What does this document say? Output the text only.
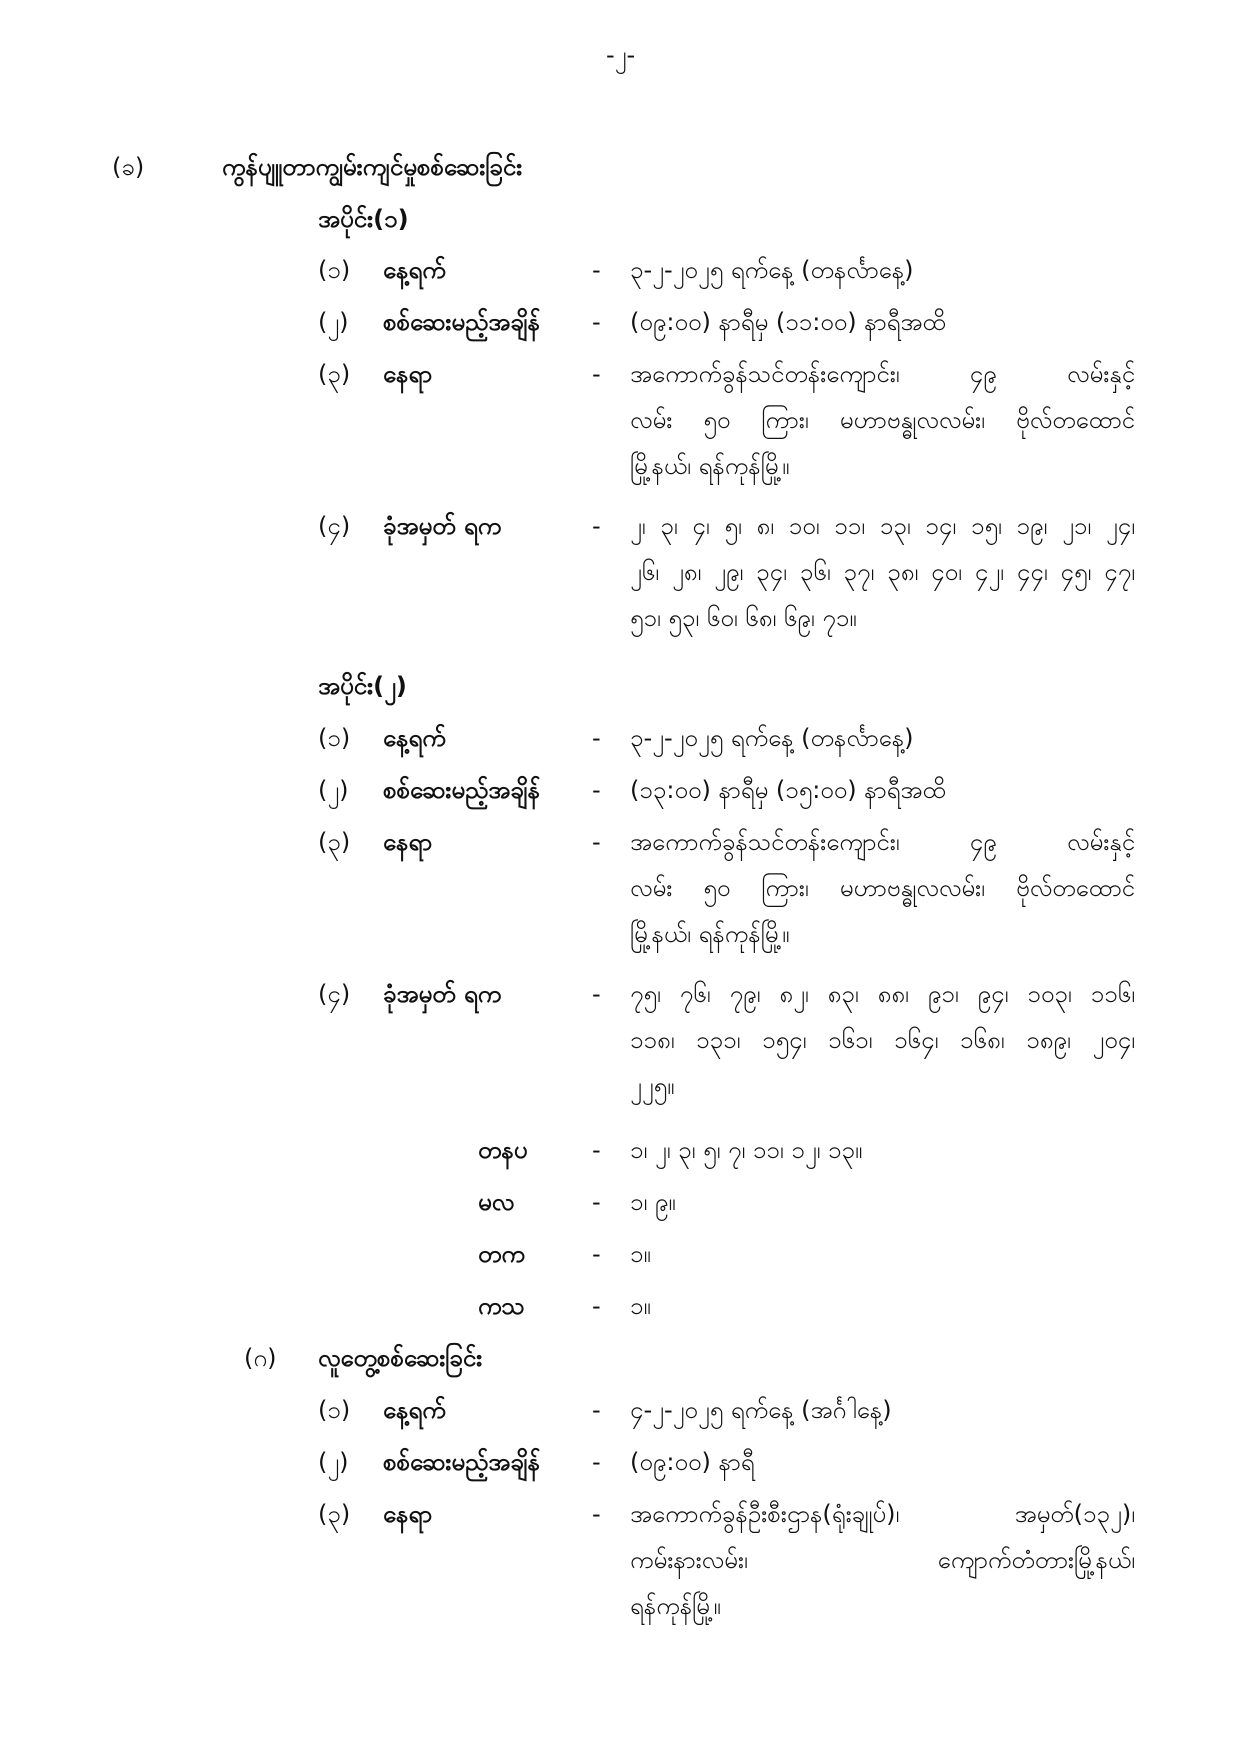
-၂-
(ခ)	ကွန်ပျူတာကျွမ်းကျင်မှုစစ်ဆေးခြင်း
အပိုင်း(၁)
(၁) နေ့ရက်	- ၃-၂-၂၀၂၅ ရက်နေ့ (တနင်္လာနေ့)
(၂) စစ်ဆေးမည့်အချိန် - (၀၉:၀၀) နာရီမှ (၁၁:၀၀) နာရီအထိ
(၃) နေရာ	- အကောက်ခွန်သင်တန်းကျောင်း၊ ၄၉ လမ်းနှင့်
လမ်း ၅၀ ကြား၊ မဟာဗန္ဓုလလမ်း၊ ဗိုလ်တထောင်
မြို့နယ်၊ ရန်ကုန်မြို့။
(၄) ခုံအမှတ် ရက	- ၂၊ ၃၊ ၄၊ ၅၊ ၈၊ ၁၀၊ ၁၁၊ ၁၃၊ ၁၄၊ ၁၅၊ ၁၉၊ ၂၁၊ ၂၄၊
၂၆၊ ၂၈၊ ၂၉၊ ၃၄၊ ၃၆၊ ၃၇၊ ၃၈၊ ၄၀၊ ၄၂၊ ၄၄၊ ၄၅၊ ၄၇၊
၅၁၊ ၅၃၊ ၆၀၊ ၆၈၊ ၆၉၊ ၇၁။
အပိုင်း(၂)
(၁) နေ့ရက်	- ၃-၂-၂၀၂၅ ရက်နေ့ (တနင်္လာနေ့)
(၂) စစ်ဆေးမည့်အချိန် - (၁၃:၀၀) နာရီမှ (၁၅:၀၀) နာရီအထိ
(၃) နေရာ	- အကောက်ခွန်သင်တန်းကျောင်း၊ ၄၉ လမ်းနှင့်
လမ်း ၅၀ ကြား၊ မဟာဗန္ဓုလလမ်း၊ ဗိုလ်တထောင်
မြို့နယ်၊ ရန်ကုန်မြို့။
(၄) ခုံအမှတ် ရက	- ၇၅၊ ၇၆၊ ၇၉၊ ၈၂၊ ၈၃၊ ၈၈၊ ၉၁၊ ၉၄၊ ၁၀၃၊ ၁၁၆၊
၁၁၈၊ ၁၃၁၊ ၁၅၄၊ ၁၆၁၊ ၁၆၄၊ ၁၆၈၊ ၁၈၉၊ ၂၀၄၊
၂၂၅။
တနပ	- ၁၊ ၂၊ ၃၊ ၅၊ ၇၊ ၁၁၊ ၁၂၊ ၁၃။
မလ	- ၁၊ ၉။
တက	- ၁။
ကသ	- ၁။
(ဂ) လူတွေ့စစ်ဆေးခြင်း
(၁) နေ့ရက်	- ၄-၂-၂၀၂၅ ရက်နေ့ (အင်္ဂါနေ့)
(၂) စစ်ဆေးမည့်အချိန် - (၀၉:၀၀) နာရီ
(၃) နေရာ	- အကောက်ခွန်ဦးစီးဌာန(ရုံးချုပ်)၊ အမှတ်(၁၃၂)၊
ကမ်းနားလမ်း၊ ကျောက်တံတားမြို့နယ်၊
ရန်ကုန်မြို့။
